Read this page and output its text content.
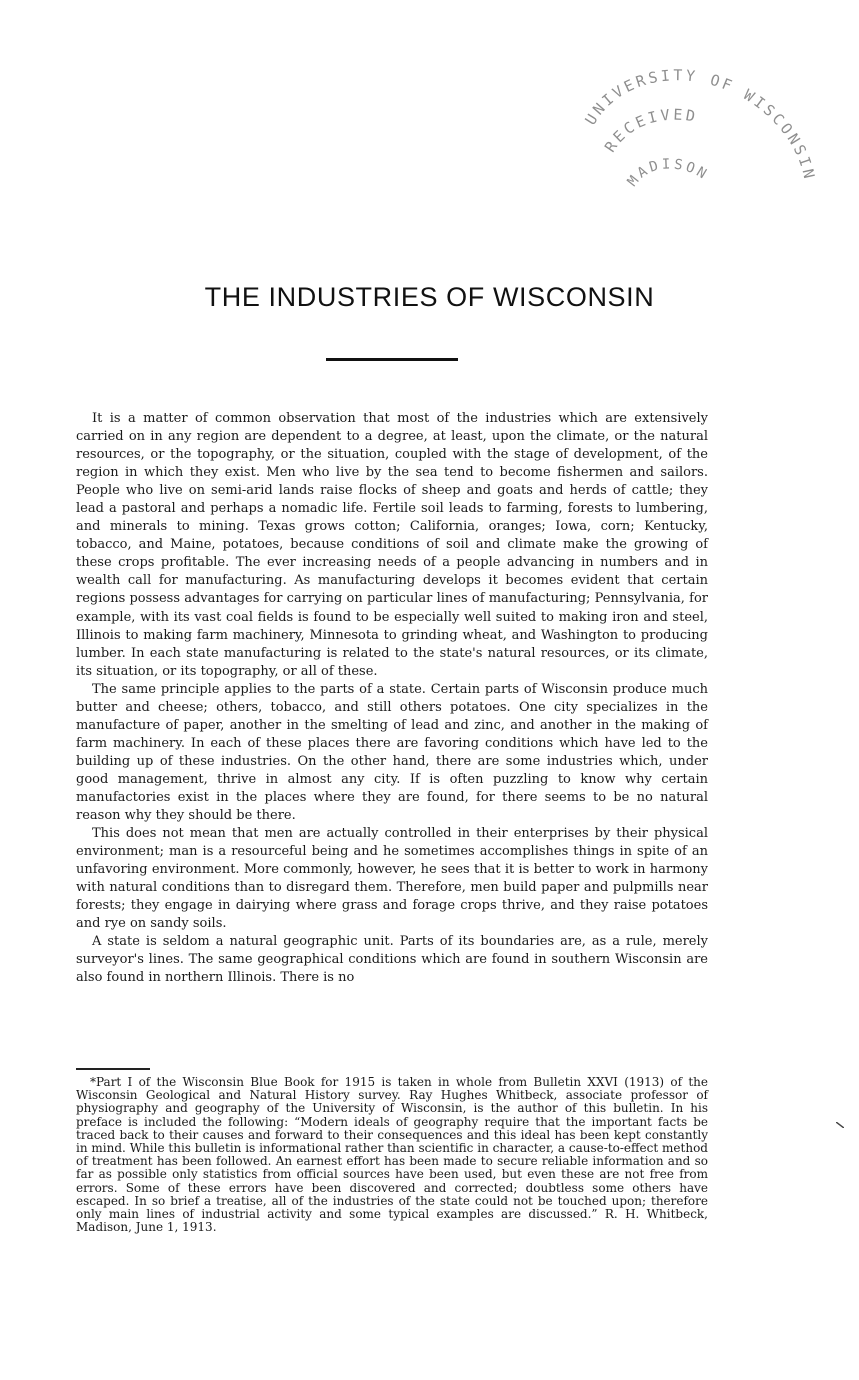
UNIVERSITY OF WISCONSIN
RECEIVED
MADISON
THE INDUSTRIES OF WISCONSIN

It is a matter of common observation that most of the industries which are extensively carried on in any region are dependent to a degree, at least, upon the climate, or the natural resources, or the topography, or the situation, coupled with the stage of development, of the region in which they exist. Men who live by the sea tend to become fishermen and sailors. People who live on semi-arid lands raise flocks of sheep and goats and herds of cattle; they lead a pastoral and perhaps a nomadic life. Fertile soil leads to farming, forests to lumbering, and minerals to mining. Texas grows cotton; California, oranges; Iowa, corn; Kentucky, tobacco, and Maine, potatoes, because conditions of soil and climate make the growing of these crops profitable. The ever increasing needs of a people advancing in numbers and in wealth call for manufacturing. As manufacturing develops it becomes evident that certain regions possess advantages for carrying on particular lines of manufacturing; Pennsylvania, for example, with its vast coal fields is found to be especially well suited to making iron and steel, Illinois to making farm machinery, Minnesota to grinding wheat, and Washington to producing lumber. In each state manufacturing is related to the state's natural resources, or its climate, its situation, or its topography, or all of these.

The same principle applies to the parts of a state. Certain parts of Wisconsin produce much butter and cheese; others, tobacco, and still others potatoes. One city specializes in the manufacture of paper, another in the smelting of lead and zinc, and another in the making of farm machinery. In each of these places there are favoring conditions which have led to the building up of these industries. On the other hand, there are some industries which, under good management, thrive in almost any city. If is often puzzling to know why certain manufactories exist in the places where they are found, for there seems to be no natural reason why they should be there.

This does not mean that men are actually controlled in their enterprises by their physical environment; man is a resourceful being and he sometimes accomplishes things in spite of an unfavoring environment. More commonly, however, he sees that it is better to work in harmony with natural conditions than to disregard them. Therefore, men build paper and pulpmills near forests; they engage in dairying where grass and forage crops thrive, and they raise potatoes and rye on sandy soils.

A state is seldom a natural geographic unit. Parts of its boundaries are, as a rule, merely surveyor's lines. The same geographical conditions which are found in southern Wisconsin are also found in northern Illinois. There is no

*Part I of the Wisconsin Blue Book for 1915 is taken in whole from Bulletin XXVI (1913) of the Wisconsin Geological and Natural History survey. Ray Hughes Whitbeck, associate professor of physiography and geography of the University of Wisconsin, is the author of this bulletin. In his preface is included the following: “Modern ideals of geography require that the important facts be traced back to their causes and forward to their consequences and this ideal has been kept constantly in mind. While this bulletin is informational rather than scientific in character, a cause-to-effect method of treatment has been followed. An earnest effort has been made to secure reliable information and so far as possible only statistics from official sources have been used, but even these are not free from errors. Some of these errors have been discovered and corrected; doubtless some others have escaped. In so brief a treatise, all of the industries of the state could not be touched upon; therefore only main lines of industrial activity and some typical examples are discussed.” R. H. Whitbeck, Madison, June 1, 1913.
